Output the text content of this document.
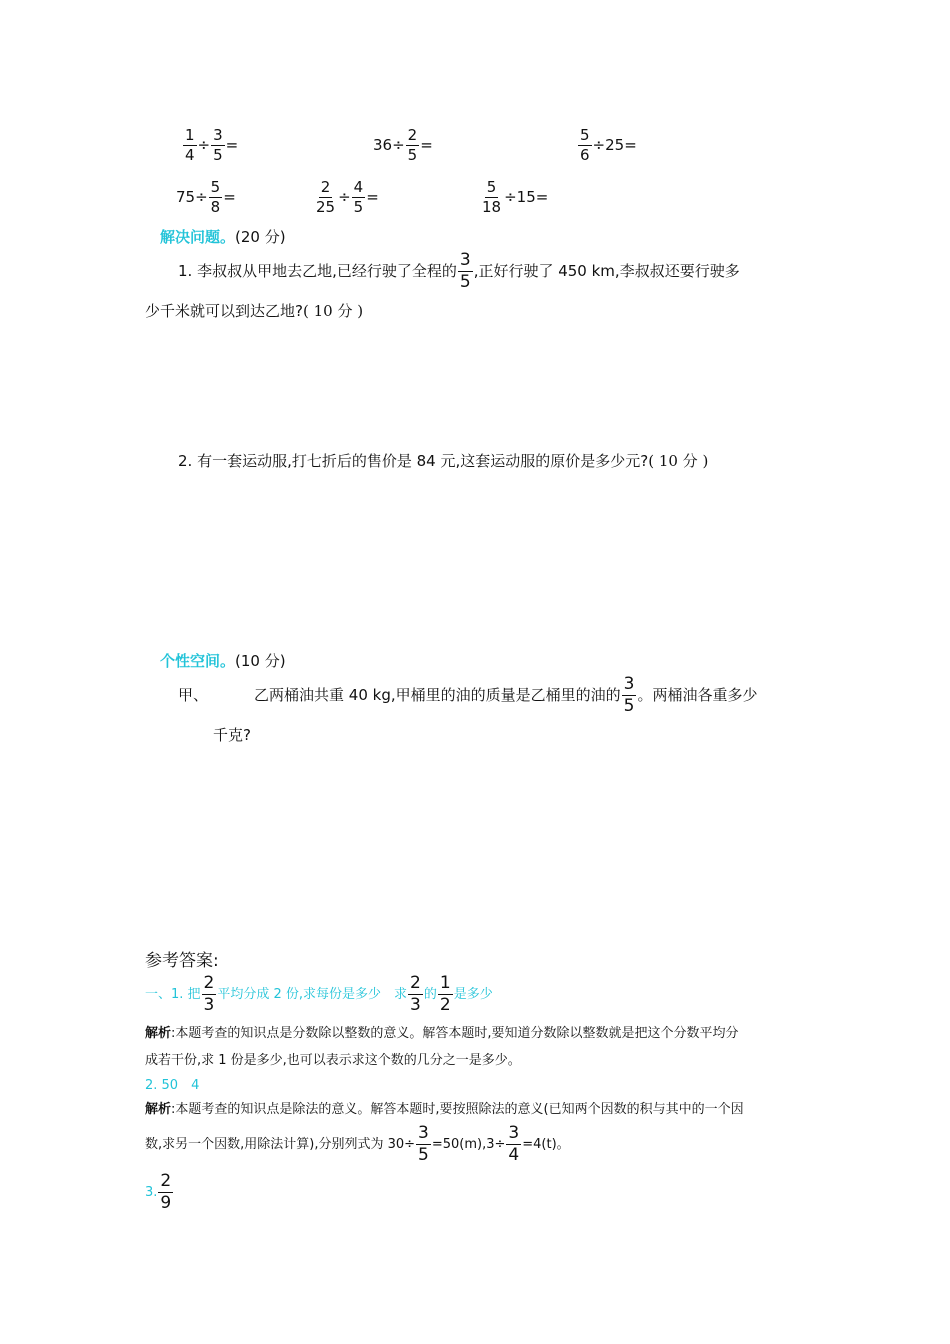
$\frac{1}{4} \div \frac{3}{5}$ =	$36\div \frac{2}{5}$ =	$\frac{5}{6} \div 25=$
$75\div \frac{5}{8}$ =	$\frac{2}{25} \div \frac{4}{5}$ =	$\frac{5}{18} \div 15=$
解决问题。(20 分)
1. 李叔叔从甲地去乙地,已经行驶了全程的 $\frac{3}{5}$ ,正好行驶了 450 km,李叔叔还要行驶多
少千米就可以到达乙地?( 10 分 )
2. 有一套运动服,打七折后的售价是 84 元,这套运动服的原价是多少元?( 10 分 )
个性空间。(10 分)
甲、	乙两桶油共重 40 kg,甲桶里的油的质量是乙桶里的油的 $\frac{3}{5}$ 。两桶油各重多少
千克?
参考答案:
一、1. 把 $\frac{2}{3}$ 平均分成 2 份,求每份是多少　求 $\frac{2}{3}$ 的 $\frac{1}{2}$ 是多少
解析:本题考查的知识点是分数除以整数的意义。解答本题时,要知道分数除以整数就是把这个分数平均分
成若干份,求 1 份是多少,也可以表示求这个数的几分之一是多少。
2. 50　4
解析:本题考查的知识点是除法的意义。解答本题时,要按照除法的意义(已知两个因数的积与其中的一个因
数,求另一个因数,用除法计算),分别列式为 $30\div \frac{3}{5} =50(m),3\div \frac{3}{4} =4(t)$。
3. $\frac{2}{9}$
